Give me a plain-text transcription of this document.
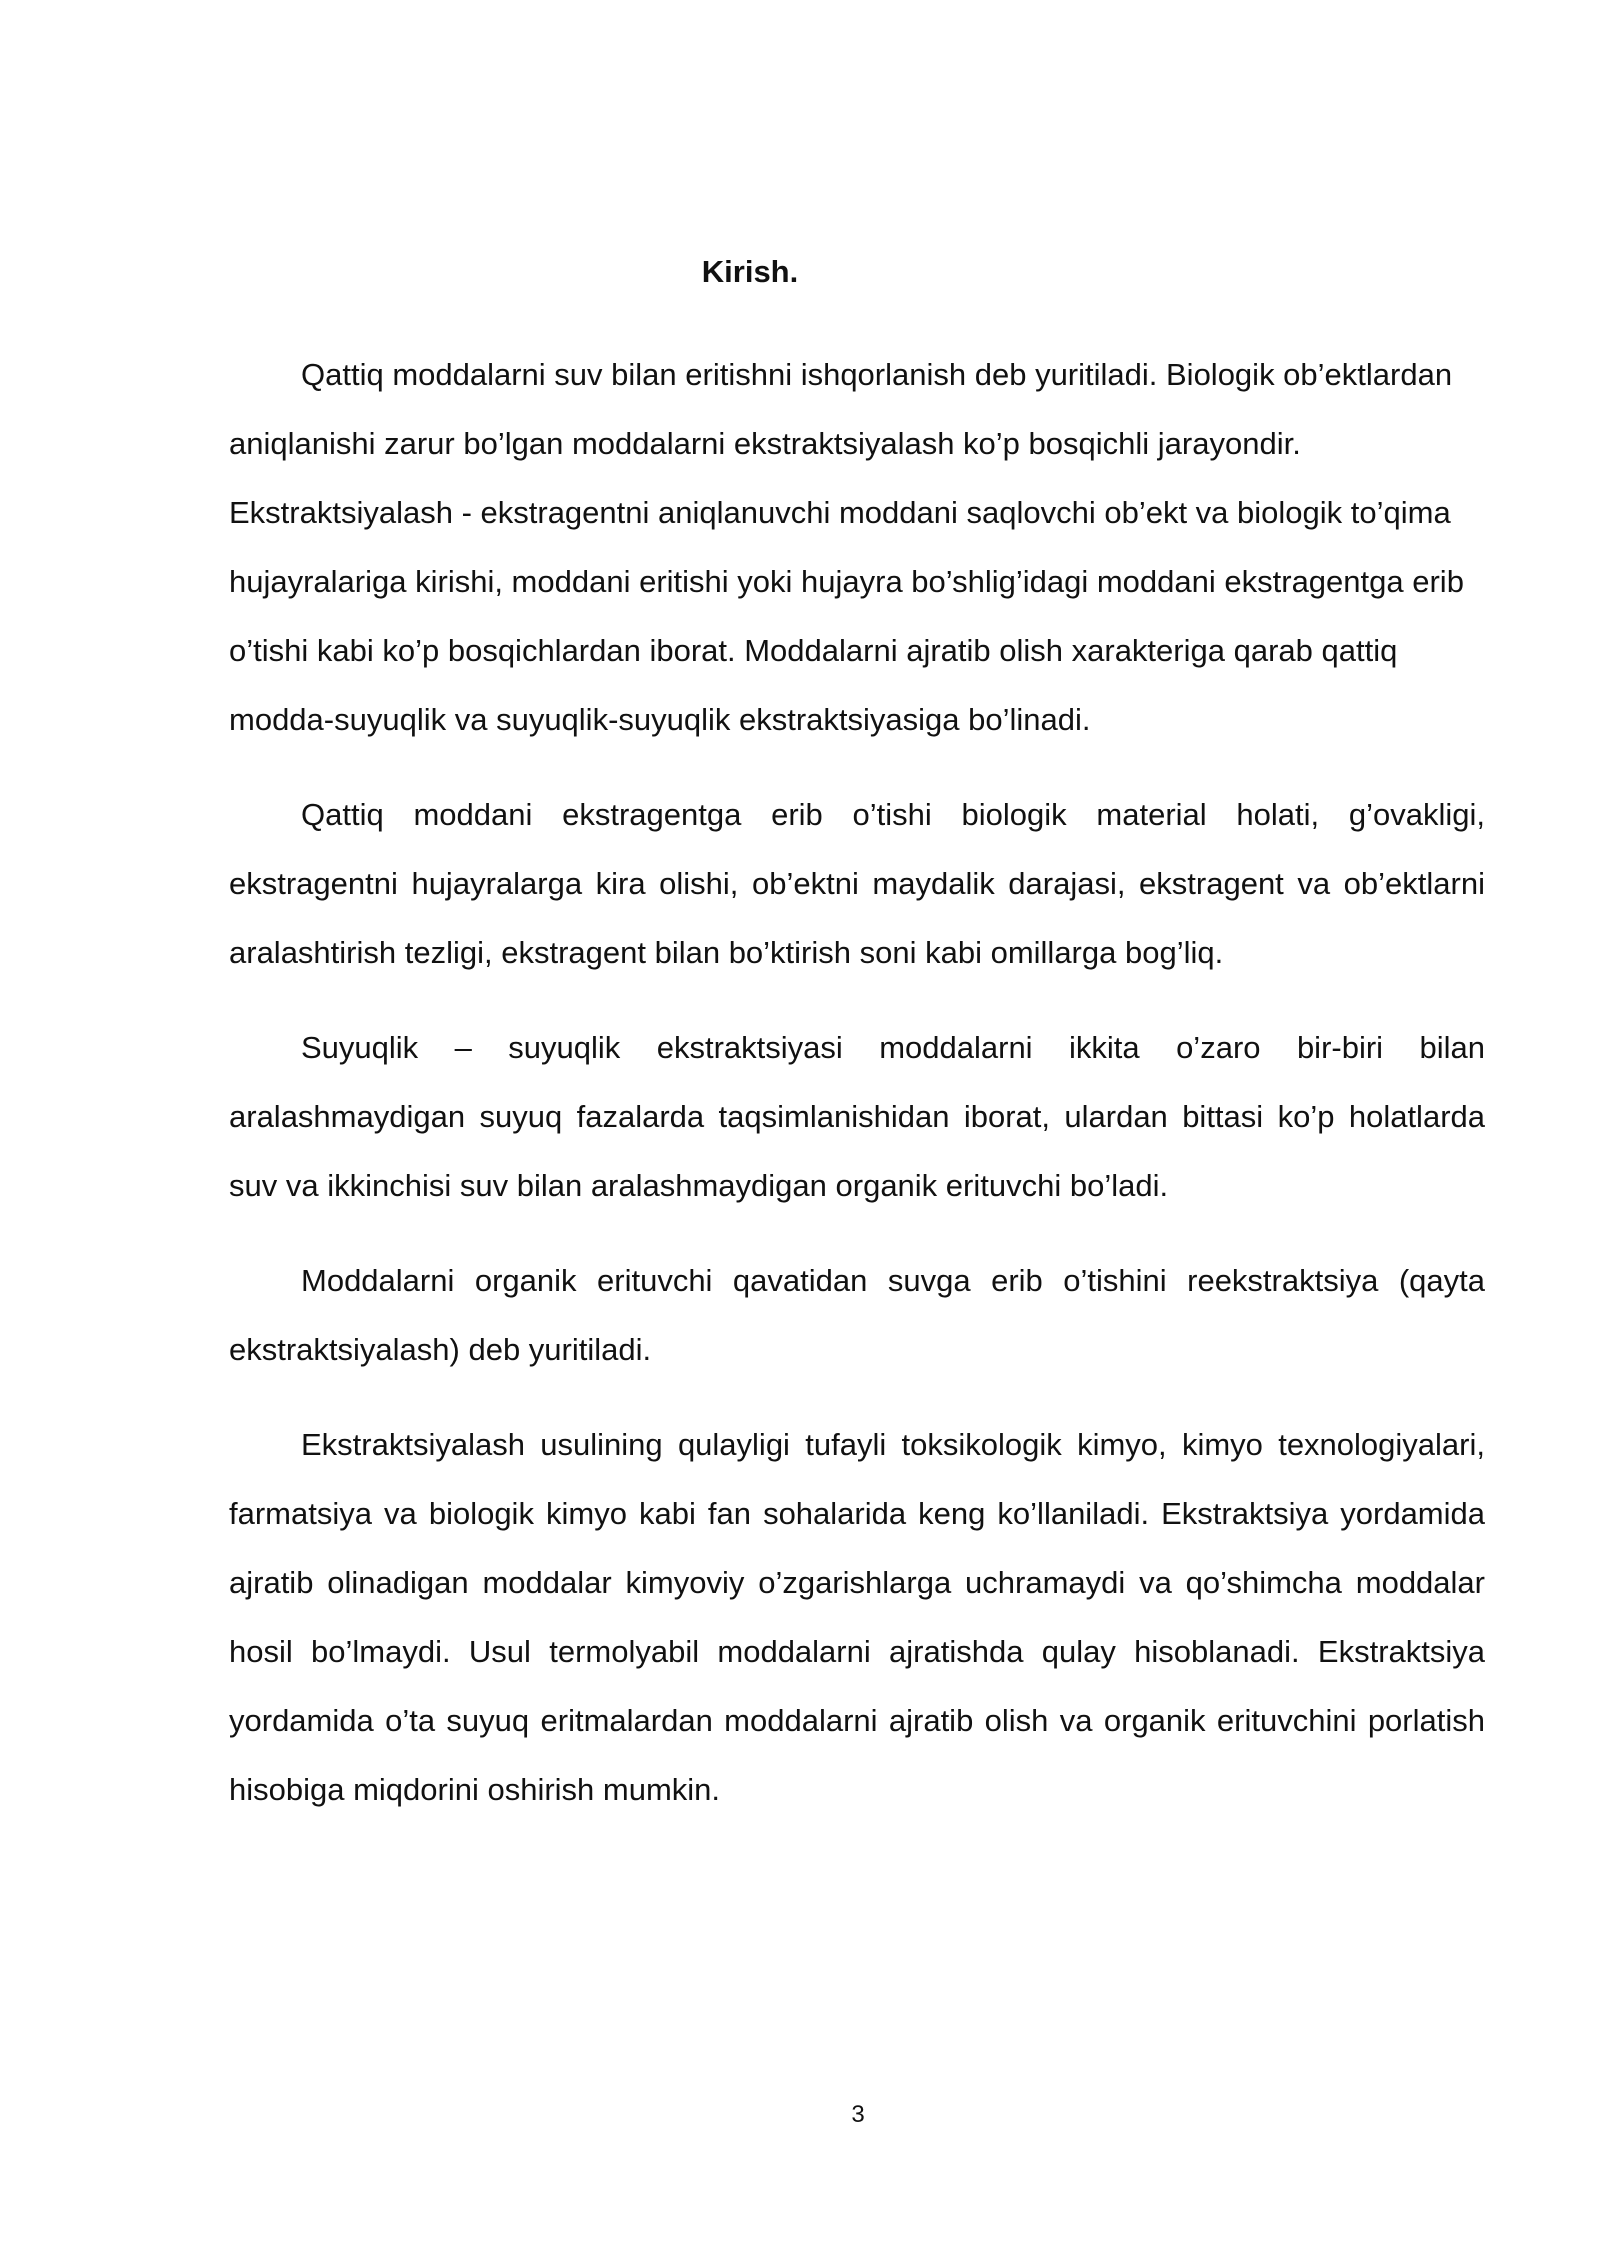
Kirish.

Qattiq moddalarni suv bilan eritishni ishqorlanish deb yuritiladi. Biologik ob’ektlardan aniqlanishi zarur bo’lgan moddalarni ekstraktsiyalash ko’p bosqichli jarayondir. Ekstraktsiyalash - ekstragentni aniqlanuvchi moddani saqlovchi ob’ekt va biologik to’qima hujayralariga kirishi, moddani eritishi yoki hujayra bo’shlig’idagi moddani ekstragentga erib o’tishi kabi ko’p bosqichlardan iborat. Moddalarni ajratib olish xarakteriga qarab qattiq modda-suyuqlik va suyuqlik-suyuqlik ekstraktsiyasiga bo’linadi.

Qattiq moddani ekstragentga erib o’tishi biologik material holati, g’ovakligi, ekstragentni hujayralarga kira olishi, ob’ektni maydalik darajasi, ekstragent va ob’ektlarni aralashtirish tezligi, ekstragent bilan bo’ktirish soni kabi omillarga bog’liq.

Suyuqlik – suyuqlik ekstraktsiyasi moddalarni ikkita o’zaro bir-biri bilan aralashmaydigan suyuq fazalarda taqsimlanishidan iborat, ulardan bittasi ko’p holatlarda suv va ikkinchisi suv bilan aralashmaydigan organik erituvchi bo’ladi.

Moddalarni organik erituvchi qavatidan suvga erib o’tishini reekstraktsiya (qayta ekstraktsiyalash) deb yuritiladi.

Ekstraktsiyalash usulining qulayligi tufayli toksikologik kimyo, kimyo texnologiyalari, farmatsiya va biologik kimyo kabi fan sohalarida keng ko’llaniladi. Ekstraktsiya yordamida ajratib olinadigan moddalar kimyoviy o’zgarishlarga uchramaydi va qo’shimcha moddalar hosil bo’lmaydi. Usul termolyabil moddalarni ajratishda qulay hisoblanadi. Ekstraktsiya yordamida o’ta suyuq eritmalardan moddalarni ajratib olish va organik erituvchini porlatish hisobiga miqdorini oshirish mumkin.

3
